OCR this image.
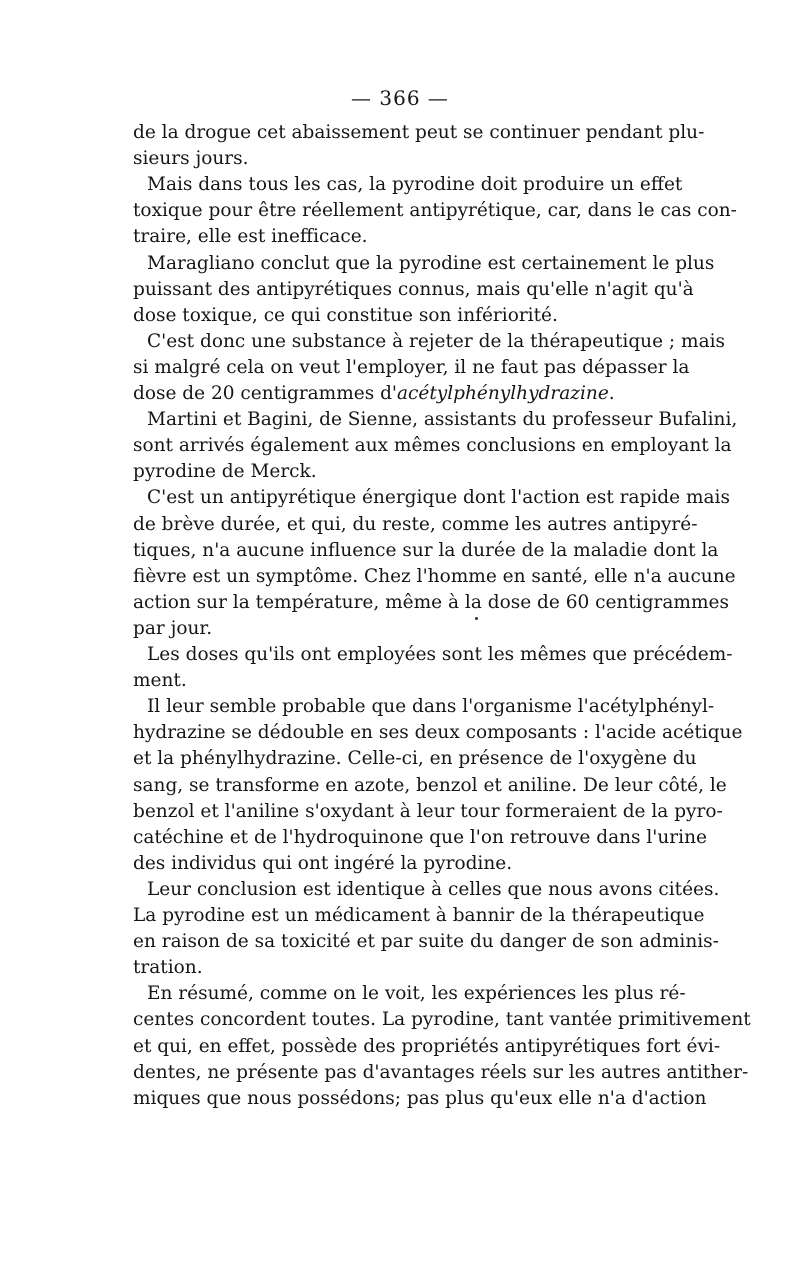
— 366 —
de la drogue cet abaissement peut se continuer pendant plu-
sieurs jours.
Mais dans tous les cas, la pyrodine doit produire un effet
toxique pour être réellement antipyrétique, car, dans le cas con-
traire, elle est inefficace.
Maragliano conclut que la pyrodine est certainement le plus
puissant des antipyrétiques connus, mais qu'elle n'agit qu'à
dose toxique, ce qui constitue son infériorité.
C'est donc une substance à rejeter de la thérapeutique ; mais
si malgré cela on veut l'employer, il ne faut pas dépasser la
dose de 20 centigrammes d'acétylphénylhydrazine.
Martini et Bagini, de Sienne, assistants du professeur Bufalini,
sont arrivés également aux mêmes conclusions en employant la
pyrodine de Merck.
C'est un antipyrétique énergique dont l'action est rapide mais
de brève durée, et qui, du reste, comme les autres antipyré-
tiques, n'a aucune influence sur la durée de la maladie dont la
fièvre est un symptôme. Chez l'homme en santé, elle n'a aucune
action sur la température, même à la dose de 60 centigrammes
par jour.
Les doses qu'ils ont employées sont les mêmes que précédem-
ment.
Il leur semble probable que dans l'organisme l'acétylphényl-
hydrazine se dédouble en ses deux composants : l'acide acétique
et la phénylhydrazine. Celle-ci, en présence de l'oxygène du
sang, se transforme en azote, benzol et aniline. De leur côté, le
benzol et l'aniline s'oxydant à leur tour formeraient de la pyro-
catéchine et de l'hydroquinone que l'on retrouve dans l'urine
des individus qui ont ingéré la pyrodine.
Leur conclusion est identique à celles que nous avons citées.
La pyrodine est un médicament à bannir de la thérapeutique
en raison de sa toxicité et par suite du danger de son adminis-
tration.
En résumé, comme on le voit, les expériences les plus ré-
centes concordent toutes. La pyrodine, tant vantée primitivement
et qui, en effet, possède des propriétés antipyrétiques fort évi-
dentes, ne présente pas d'avantages réels sur les autres antither-
miques que nous possédons; pas plus qu'eux elle n'a d'action
